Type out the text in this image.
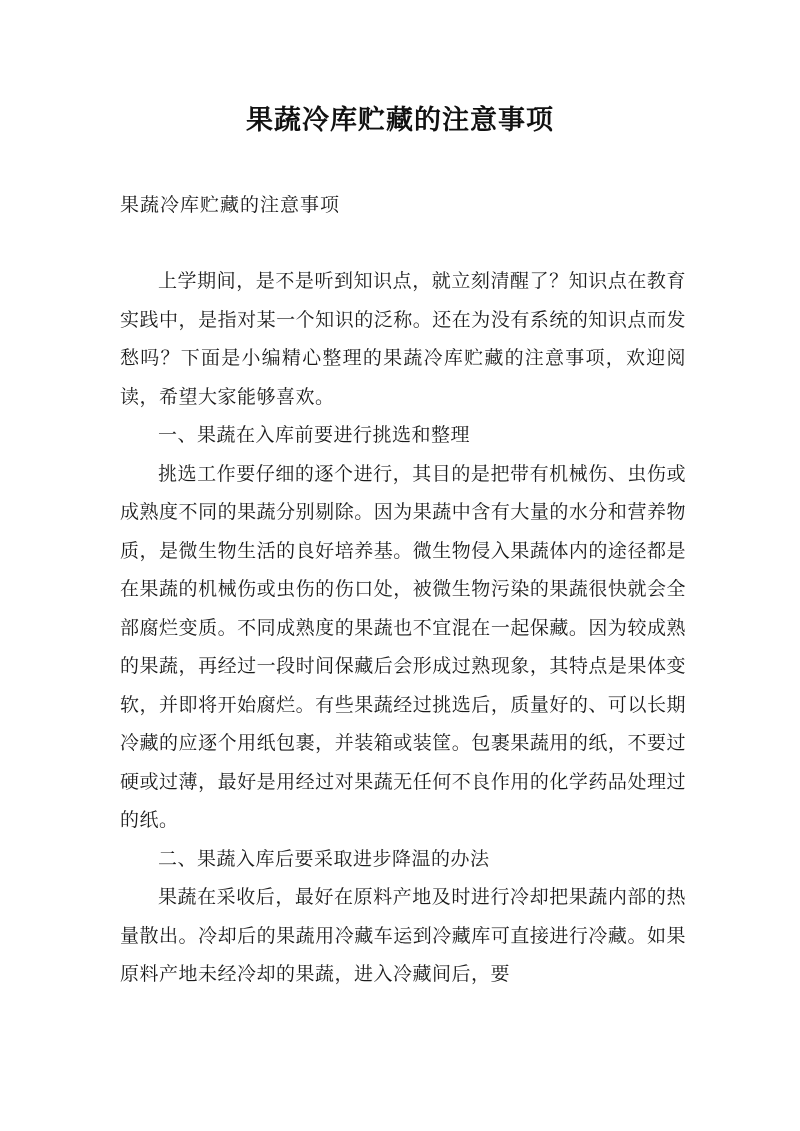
果蔬冷库贮藏的注意事项
果蔬冷库贮藏的注意事项

上学期间，是不是听到知识点，就立刻清醒了？知识点在教育实践中，是指对某一个知识的泛称。还在为没有系统的知识点而发愁吗？下面是小编精心整理的果蔬冷库贮藏的注意事项，欢迎阅读，希望大家能够喜欢。

一、果蔬在入库前要进行挑选和整理

挑选工作要仔细的逐个进行，其目的是把带有机械伤、虫伤或成熟度不同的果蔬分别剔除。因为果蔬中含有大量的水分和营养物质，是微生物生活的良好培养基。微生物侵入果蔬体内的途径都是在果蔬的机械伤或虫伤的伤口处，被微生物污染的果蔬很快就会全部腐烂变质。不同成熟度的果蔬也不宜混在一起保藏。因为较成熟的果蔬，再经过一段时间保藏后会形成过熟现象，其特点是果体变软，并即将开始腐烂。有些果蔬经过挑选后，质量好的、可以长期冷藏的应逐个用纸包裹，并装箱或装筐。包裹果蔬用的纸，不要过硬或过薄，最好是用经过对果蔬无任何不良作用的化学药品处理过的纸。

二、果蔬入库后要采取进步降温的办法

果蔬在采收后，最好在原料产地及时进行冷却把果蔬内部的热量散出。冷却后的果蔬用冷藏车运到冷藏库可直接进行冷藏。如果原料产地未经冷却的果蔬，进入冷藏间后，要
